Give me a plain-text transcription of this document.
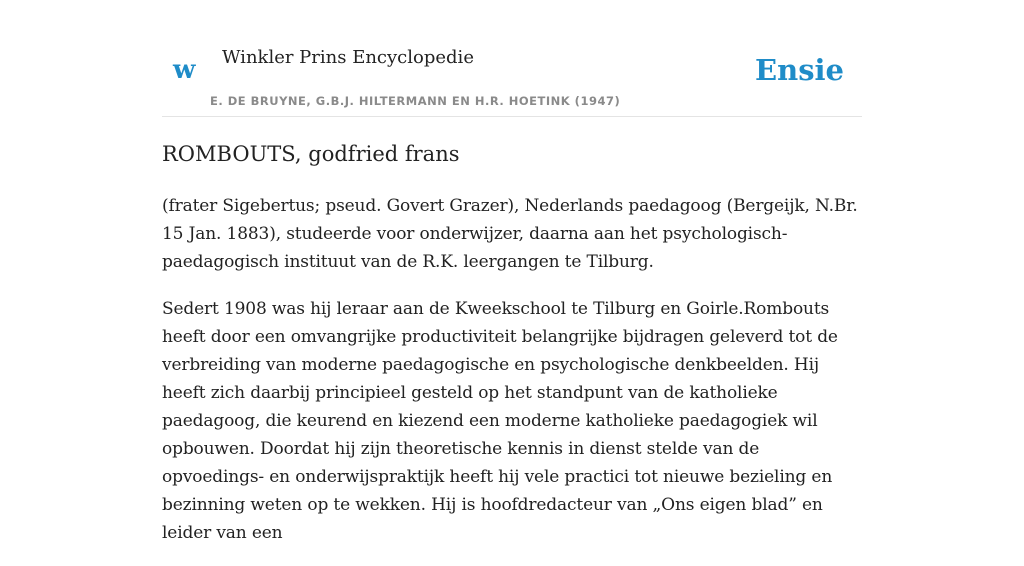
w Winkler Prins Encyclopedie
E. DE BRUYNE, G.B.J. HILTERMANN EN H.R. HOETINK (1947)
Ensie
ROMBOUTS, godfried frans

(frater Sigebertus; pseud. Govert Grazer), Nederlands paedagoog (Bergeijk, N.Br. 15 Jan. 1883), studeerde voor onderwijzer, daarna aan het psychologisch-paedagogisch instituut van de R.K. leergangen te Tilburg.

Sedert 1908 was hij leraar aan de Kweekschool te Tilburg en Goirle.Rombouts heeft door een omvangrijke productiviteit belangrijke bijdragen geleverd tot de verbreiding van moderne paedagogische en psychologische denkbeelden. Hij heeft zich daarbij principieel gesteld op het standpunt van de katholieke paedagoog, die keurend en kiezend een moderne katholieke paedagogiek wil opbouwen. Doordat hij zijn theoretische kennis in dienst stelde van de opvoedings- en onderwijspraktijk heeft hij vele practici tot nieuwe bezieling en bezinning weten op te wekken. Hij is hoofdredacteur van „Ons eigen blad” en leider van een
